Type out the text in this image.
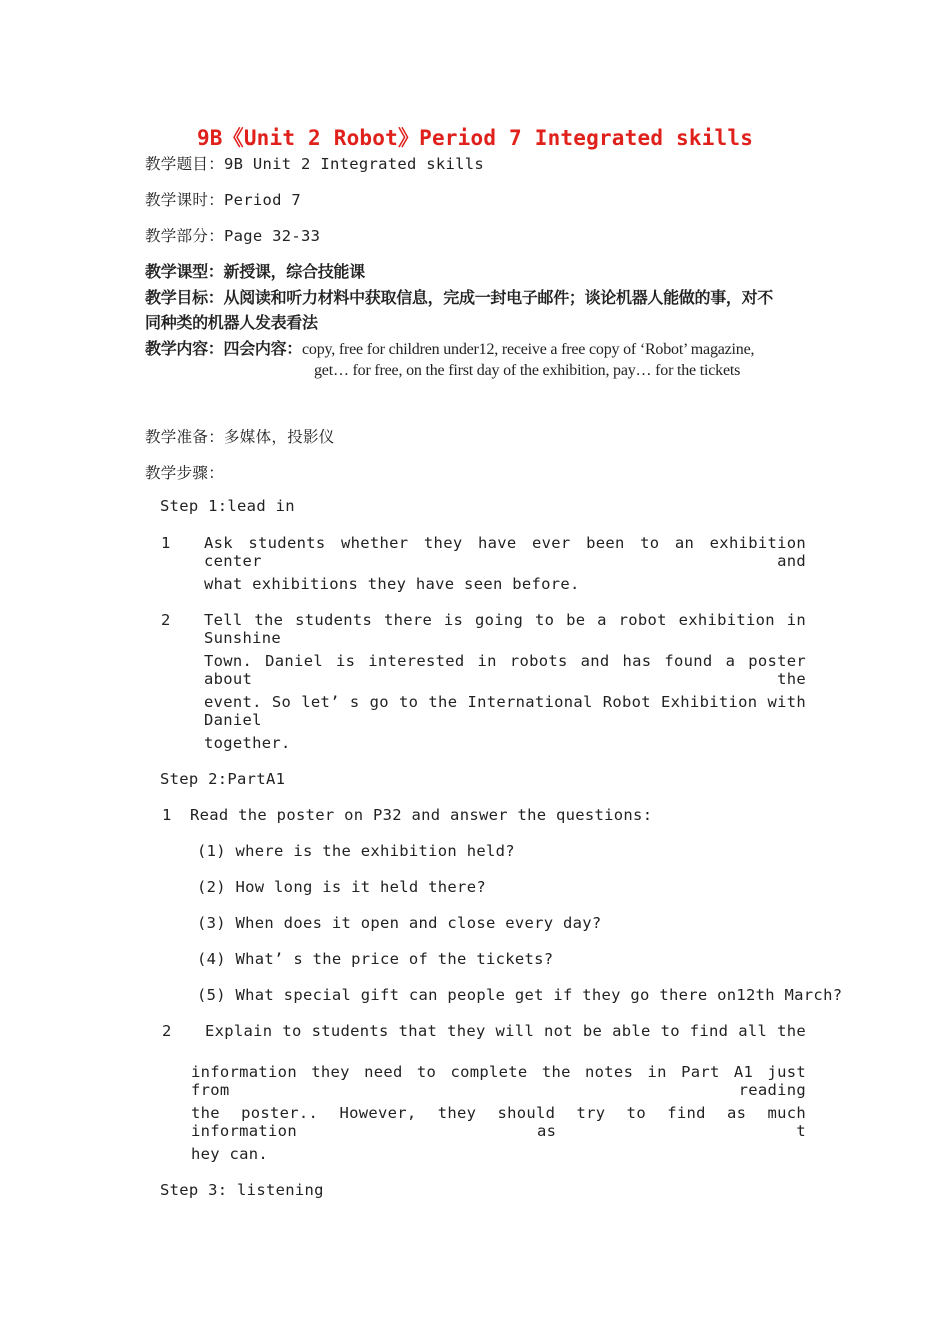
9B《Unit 2 Robot》Period 7 Integrated skills
教学题目：9B Unit 2 Integrated skills
教学课时：Period 7
教学部分：Page 32-33
教学课型：新授课，综合技能课
教学目标：从阅读和听力材料中获取信息，完成一封电子邮件；谈论机器人能做的事，对不
同种类的机器人发表看法
教学内容：四会内容：copy, free for children under12, receive a free copy of ‘Robot’ magazine,
get… for free, on the first day of the exhibition, pay… for the tickets
教学准备：多媒体，投影仪
教学步骤：
Step 1:lead in
1 Ask students whether they have ever been to an exhibition center and
what exhibitions they have seen before.
2 Tell the students there is going to be a robot exhibition in Sunshine
Town. Daniel is interested in robots and has found a poster about the
event. So let’ s go to the International Robot Exhibition with Daniel
together.
Step 2:PartA1
1 Read the poster on P32 and answer the questions:
(1) where is the exhibition held?
(2) How long is it held there?
(3) When does it open and close every day?
(4) What’ s the price of the tickets?
(5) What special gift can people get if they go there on12th March?
2 Explain to students that they will not be able to find all the
information they need to complete the notes in Part A1 just from reading
the poster.. However, they should try to find as much information as t
hey can.
Step 3: listening
